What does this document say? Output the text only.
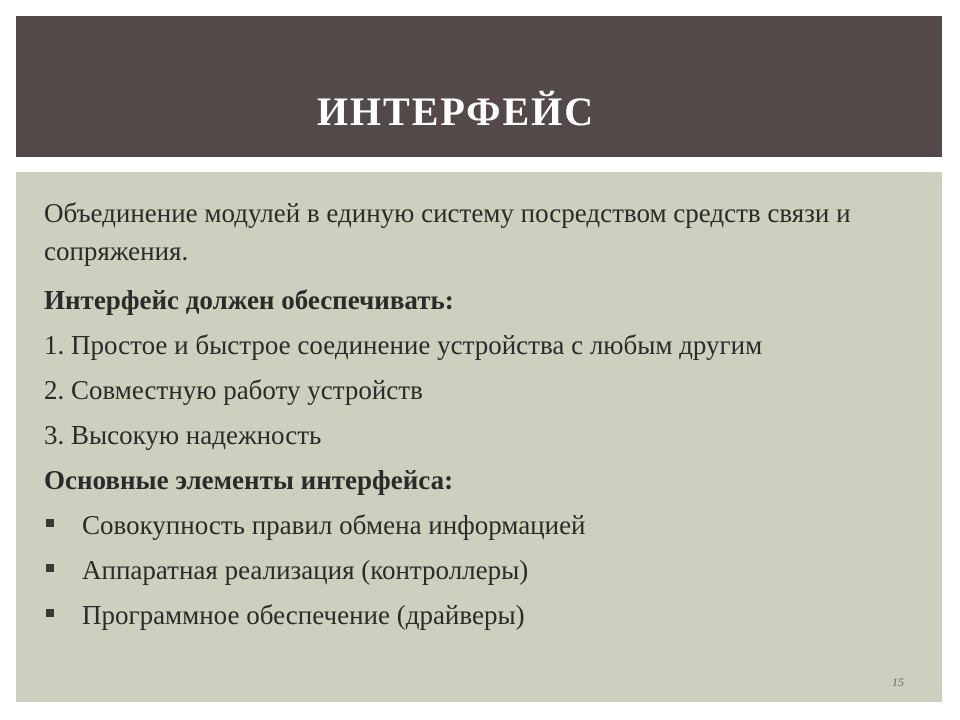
ИНТЕРФЕЙС

Объединение модулей в единую систему посредством средств связи и сопряжения.

Интерфейс должен обеспечивать:

1. Простое и быстрое соединение устройства с любым другим

2. Совместную работу устройств

3. Высокую надежность

Основные элементы интерфейса:

Совокупность правил обмена информацией
Аппаратная реализация (контроллеры)
Программное обеспечение (драйверы)
15
